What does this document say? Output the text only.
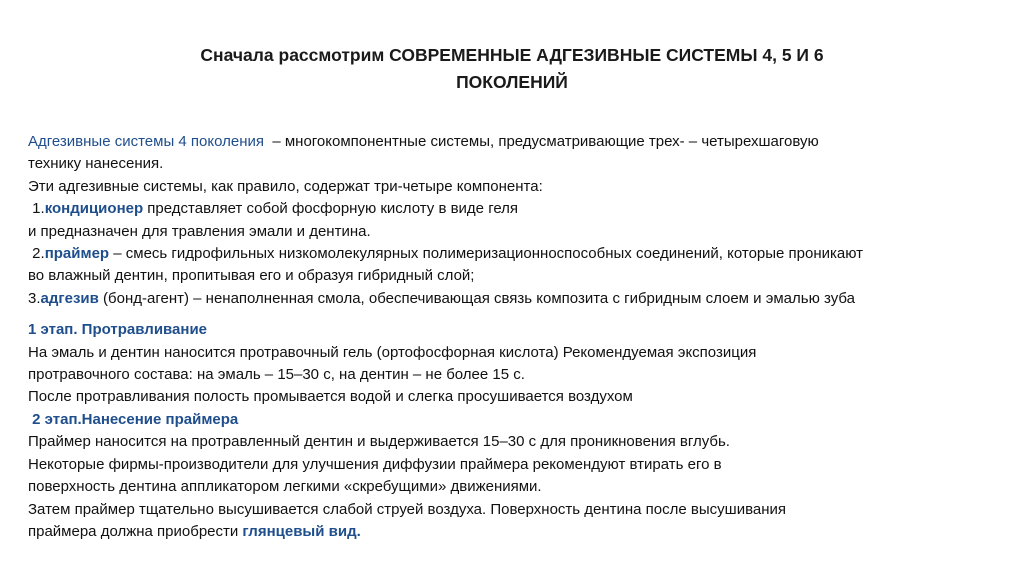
Сначала рассмотрим СОВРЕМЕННЫЕ АДГЕЗИВНЫЕ СИСТЕМЫ 4, 5 И 6
ПОКОЛЕНИЙ

Адгезивные системы 4 поколения  – многокомпонентные системы, предусматривающие трех- – четырехшаговую

технику нанесения.

Эти адгезивные системы, как правило, содержат три-четыре компонента:

1.кондиционер представляет собой фосфорную кислоту в виде геля

и предназначен для травления эмали и дентина.

2.праймер – смесь гидрофильных низкомолекулярных полимеризационноспособных соединений, которые проникают

во влажный дентин, пропитывая его и образуя гибридный слой;

3.адгезив (бонд-агент) – ненаполненная смола, обеспечивающая связь композита с гибридным слоем и эмалью зуба

1 этап. Протравливание

На эмаль и дентин наносится протравочный гель (ортофосфорная кислота) Рекомендуемая экспозиция

протравочного состава: на эмаль – 15–30 с, на дентин – не более 15 с.

После протравливания полость промывается водой и слегка просушивается воздухом

2 этап.Нанесение праймера

Праймер наносится на протравленный дентин и выдерживается 15–30 с для проникновения вглубь.

Некоторые фирмы-производители для улучшения диффузии праймера рекомендуют втирать его в

поверхность дентина аппликатором легкими «скребущими» движениями.

Затем праймер тщательно высушивается слабой струей воздуха. Поверхность дентина после высушивания

праймера должна приобрести глянцевый вид.
